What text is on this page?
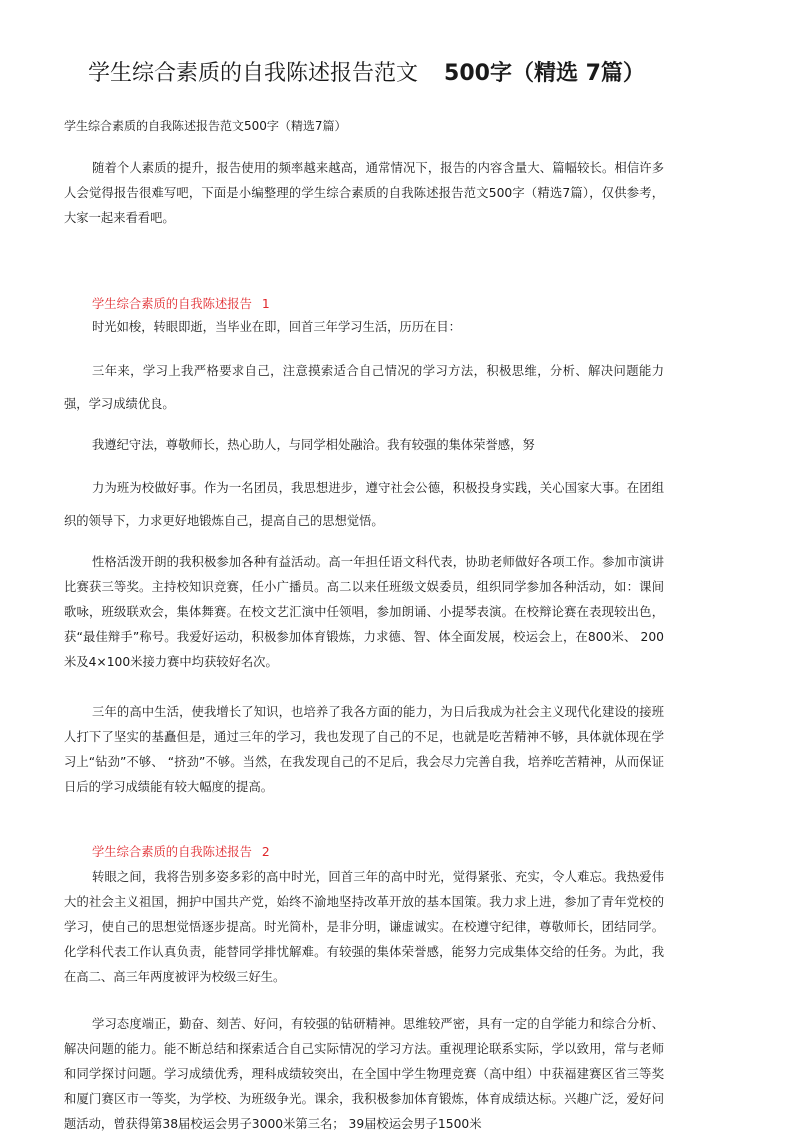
学生综合素质的自我陈述报告范文 500字（精选 7篇）
学生综合素质的自我陈述报告范文500字（精选7篇）
随着个人素质的提升，报告使用的频率越来越高，通常情况下，报告的内容含量大、篇幅较长。相信许多人会觉得报告很难写吧，下面是小编整理的学生综合素质的自我陈述报告范文500字（精选7篇），仅供参考，大家一起来看看吧。
学生综合素质的自我陈述报告 1
时光如梭，转眼即逝，当毕业在即，回首三年学习生活，历历在目：
三年来，学习上我严格要求自己，注意摸索适合自己情况的学习方法，积极思维，分析、解决问题能力强，学习成绩优良。
我遵纪守法，尊敬师长，热心助人，与同学相处融洽。我有较强的集体荣誉感，努
力为班为校做好事。作为一名团员，我思想进步，遵守社会公德，积极投身实践，关心国家大事。在团组织的领导下，力求更好地锻炼自己，提高自己的思想觉悟。
性格活泼开朗的我积极参加各种有益活动。高一年担任语文科代表，协助老师做好各项工作。参加市演讲比赛获三等奖。主持校知识竞赛，任小广播员。高二以来任班级文娱委员，组织同学参加各种活动，如：课间歌咏，班级联欢会，集体舞赛。在校文艺汇演中任领唱，参加朗诵、小提琴表演。在校辩论赛在表现较出色，获“最佳辩手”称号。我爱好运动，积极参加体育锻炼，力求德、智、体全面发展，校运会上，在800米、 200米及4×100米接力赛中均获较好名次。
三年的高中生活，使我增长了知识，也培养了我各方面的能力，为日后我成为社会主义现代化建设的接班人打下了坚实的基矗但是，通过三年的学习，我也发现了自己的不足，也就是吃苦精神不够，具体就体现在学习上“钻劲”不够、 “挤劲”不够。当然，在我发现自己的不足后，我会尽力完善自我，培养吃苦精神，从而保证日后的学习成绩能有较大幅度的提高。
学生综合素质的自我陈述报告 2
转眼之间，我将告别多姿多彩的高中时光，回首三年的高中时光，觉得紧张、充实，令人难忘。我热爱伟大的社会主义祖国，拥护中国共产党，始终不渝地坚持改革开放的基本国策。我力求上进，参加了青年党校的学习，使自己的思想觉悟逐步提高。时光简朴，是非分明，谦虚诚实。在校遵守纪律，尊敬师长，团结同学。化学科代表工作认真负责，能替同学排忧解难。有较强的集体荣誉感，能努力完成集体交给的任务。为此，我在高二、高三年两度被评为校级三好生。
学习态度端正，勤奋、刻苦、好问，有较强的钻研精神。思维较严密，具有一定的自学能力和综合分析、解决问题的能力。能不断总结和探索适合自己实际情况的学习方法。重视理论联系实际，学以致用，常与老师和同学探讨问题。学习成绩优秀，理科成绩较突出，在全国中学生物理竞赛（高中组）中获福建赛区省三等奖和厦门赛区市一等奖，为学校、为班级争光。课余，我积极参加体育锻炼，体育成绩达标。兴趣广泛，爱好问题活动，曾获得第38届校运会男子3000米第三名； 39届校运会男子1500米
